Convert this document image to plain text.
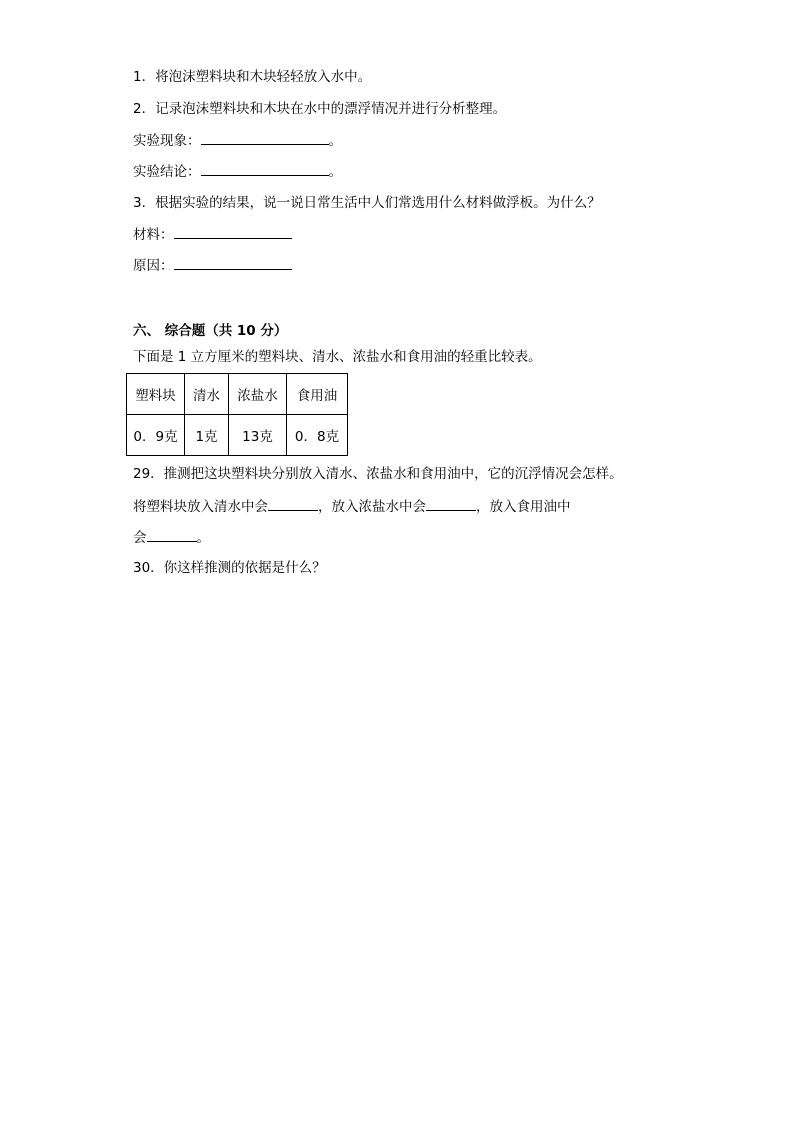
1．将泡沫塑料块和木块轻轻放入水中。
2．记录泡沫塑料块和木块在水中的漂浮情况并进行分析整理。
实验现象：	。
实验结论：	。
3．根据实验的结果，说一说日常生活中人们常选用什么材料做浮板。为什么？
材料：
原因：
六、 综合题（共 10 分）
下面是 1 立方厘米的塑料块、清水、浓盐水和食用油的轻重比较表。
塑料块	清水	浓盐水	食用油
0．9克	1克	13克	0．8克
29．推测把这块塑料块分别放入清水、浓盐水和食用油中，它的沉浮情况会怎样。
将塑料块放入清水中会	，放入浓盐水中会	，放入食用油中
会	。
30．你这样推测的依据是什么？
